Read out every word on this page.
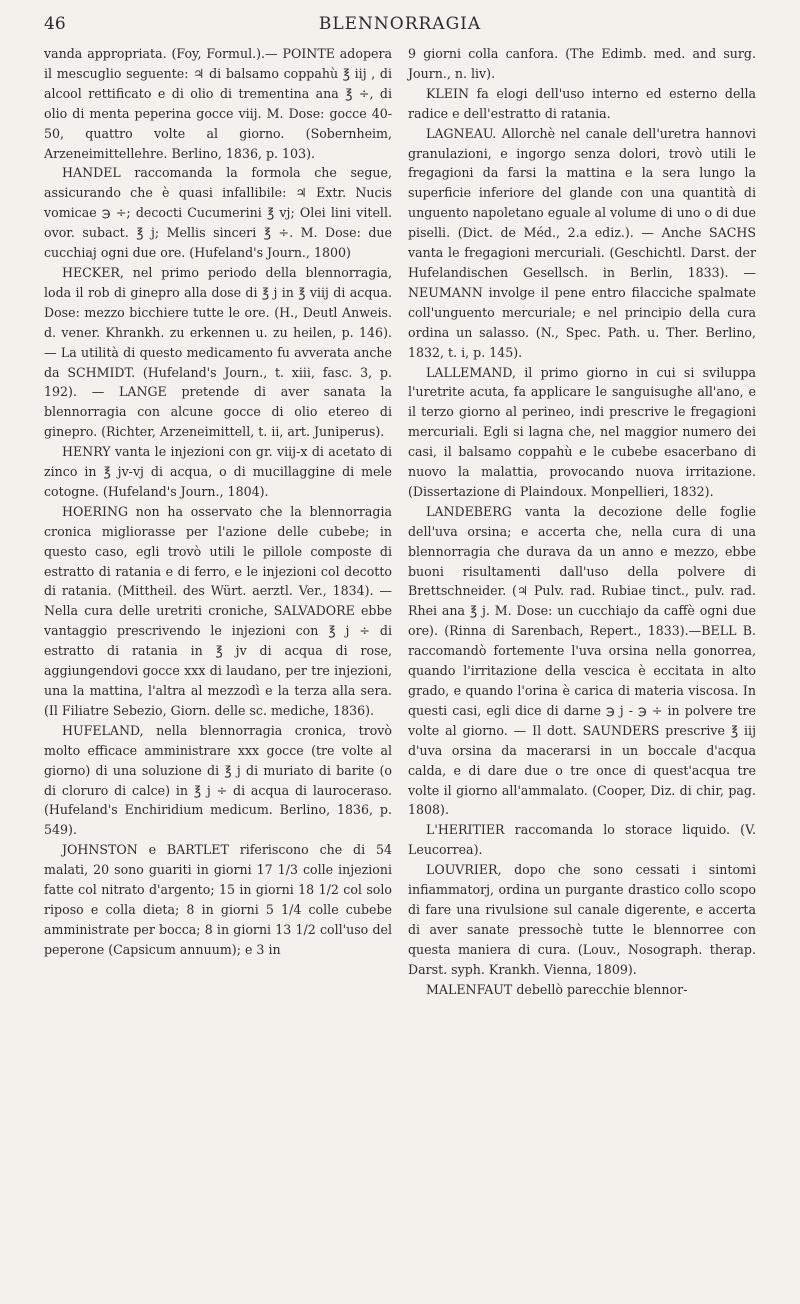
46	BLENNORRAGIA

vanda appropriata. (Foy, Formul.).— POINTE adopera il mescuglio seguente: ♃ di balsamo coppahù ℥ iij , di alcool rettificato e di olio di trementina ana ℥ ÷, di olio di menta peperina gocce viij. M. Dose: gocce 40-50, quattro volte al giorno. (Sobernheim, Arzeneimittellehre. Berlino, 1836, p. 103).

HANDEL raccomanda la formola che segue, assicurando che è quasi infallibile: ♃ Extr. Nucis vomicae ℈ ÷; decocti Cucumerini ℥ vj; Olei lini vitell. ovor. subact. ℥ j; Mellis sinceri ℥ ÷. M. Dose: due cucchiaj ogni due ore. (Hufeland's Journ., 1800)

HECKER, nel primo periodo della blennorragia, loda il rob di ginepro alla dose di ℥ j in ℥ viij di acqua. Dose: mezzo bicchiere tutte le ore. (H., Deutl Anweis. d. vener. Khrankh. zu erkennen u. zu heilen, p. 146).— La utilità di questo medicamento fu avverata anche da SCHMIDT. (Hufeland's Journ., t. xiii, fasc. 3, p. 192). — LANGE pretende di aver sanata la blennorragia con alcune gocce di olio etereo di ginepro. (Richter, Arzeneimittell, t. ii, art. Juniperus).

HENRY vanta le injezioni con gr. viij-x di acetato di zinco in ℥ jv-vj di acqua, o di mucillaggine di mele cotogne. (Hufeland's Journ., 1804).

HOERING non ha osservato che la blennorragia cronica migliorasse per l'azione delle cubebe; in questo caso, egli trovò utili le pillole composte di estratto di ratania e di ferro, e le injezioni col decotto di ratania. (Mittheil. des Würt. aerztl. Ver., 1834). — Nella cura delle uretriti croniche, SALVADORE ebbe vantaggio prescrivendo le injezioni con ℥ j ÷ di estratto di ratania in ℥ jv di acqua di rose, aggiungendovi gocce xxx di laudano, per tre injezioni, una la mattina, l'altra al mezzodì e la terza alla sera. (Il Filiatre Sebezio, Giorn. delle sc. mediche, 1836).

HUFELAND, nella blennorragia cronica, trovò molto efficace amministrare xxx gocce (tre volte al giorno) di una soluzione di ℥ j di muriato di barite (o di cloruro di calce) in ℥ j ÷ di acqua di lauroceraso. (Hufeland's Enchiridium medicum. Berlino, 1836, p. 549).

JOHNSTON e BARTLET riferiscono che di 54 malati, 20 sono guariti in giorni 17 1/3 colle injezioni fatte col nitrato d'argento; 15 in giorni 18 1/2 col solo riposo e colla dieta; 8 in giorni 5 1/4 colle cubebe amministrate per bocca; 8 in giorni 13 1/2 coll'uso del peperone (Capsicum annuum); e 3 in

9 giorni colla canfora. (The Edimb. med. and surg. Journ., n. liv).

KLEIN fa elogi dell'uso interno ed esterno della radice e dell'estratto di ratania.

LAGNEAU. Allorchè nel canale dell'uretra hannovi granulazioni, e ingorgo senza dolori, trovò utili le fregagioni da farsi la mattina e la sera lungo la superficie inferiore del glande con una quantità di unguento napoletano eguale al volume di uno o di due piselli. (Dict. de Méd., 2.a ediz.). — Anche SACHS vanta le fregagioni mercuriali. (Geschichtl. Darst. der Hufelandischen Gesellsch. in Berlin, 1833). — NEUMANN involge il pene entro filacciche spalmate coll'unguento mercuriale; e nel principio della cura ordina un salasso. (N., Spec. Path. u. Ther. Berlino, 1832, t. i, p. 145).

LALLEMAND, il primo giorno in cui si sviluppa l'uretrite acuta, fa applicare le sanguisughe all'ano, e il terzo giorno al perineo, indi prescrive le fregagioni mercuriali. Egli si lagna che, nel maggior numero dei casi, il balsamo coppahù e le cubebe esacerbano di nuovo la malattia, provocando nuova irritazione. (Dissertazione di Plaindoux. Monpellieri, 1832).

LANDEBERG vanta la decozione delle foglie dell'uva orsina; e accerta che, nella cura di una blennorragia che durava da un anno e mezzo, ebbe buoni risultamenti dall'uso della polvere di Brettschneider. (♃ Pulv. rad. Rubiae tinct., pulv. rad. Rhei ana ℥ j. M. Dose: un cucchiajo da caffè ogni due ore). (Rinna di Sarenbach, Repert., 1833).—BELL B. raccomandò fortemente l'uva orsina nella gonorrea, quando l'irritazione della vescica è eccitata in alto grado, e quando l'orina è carica di materia viscosa. In questi casi, egli dice di darne ℈ j - ℈ ÷ in polvere tre volte al giorno. — Il dott. SAUNDERS prescrive ℥ iij d'uva orsina da macerarsi in un boccale d'acqua calda, e di dare due o tre once di quest'acqua tre volte il giorno all'ammalato. (Cooper, Diz. di chir, pag. 1808).

L'HERITIER raccomanda lo storace liquido. (V. Leucorrea).

LOUVRIER, dopo che sono cessati i sintomi infiammatorj, ordina un purgante drastico collo scopo di fare una rivulsione sul canale digerente, e accerta di aver sanate pressochè tutte le blennorree con questa maniera di cura. (Louv., Nosograph. therap. Darst. syph. Krankh. Vienna, 1809).

MALENFAUT debellò parecchie blennor-
